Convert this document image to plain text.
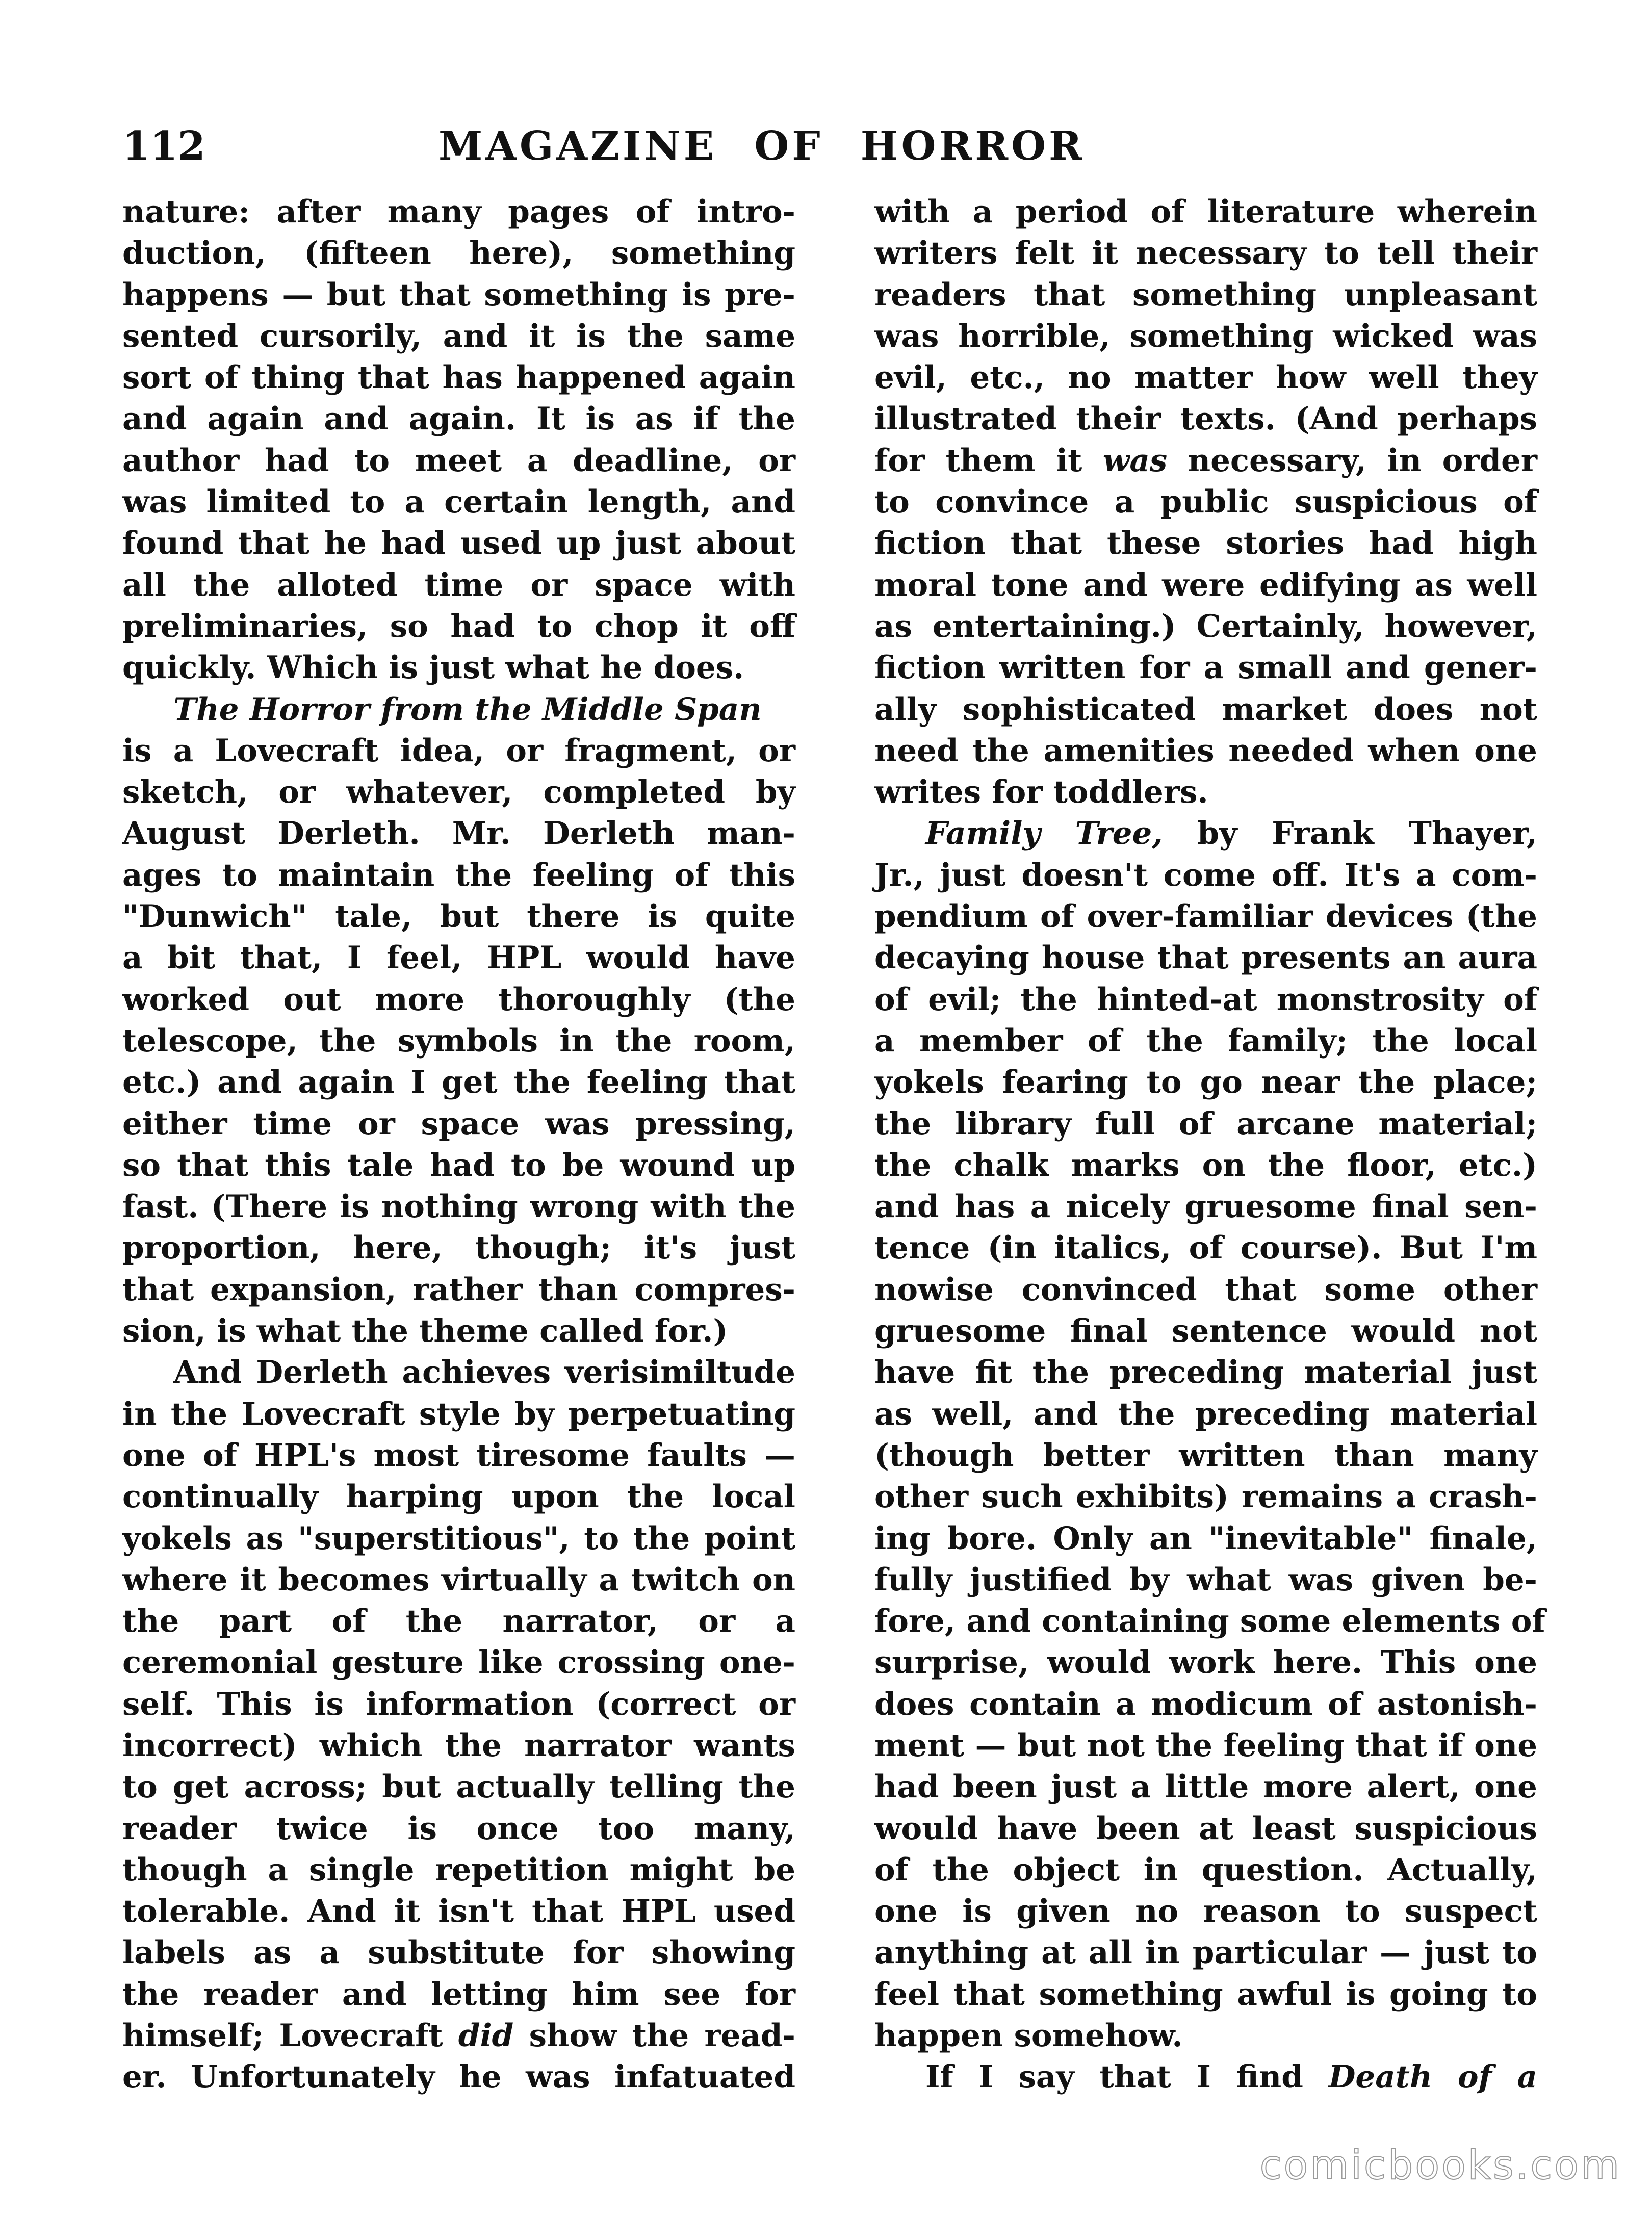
112	MAGAZINE OF HORROR
nature: after many pages of intro-
duction, (fifteen here), something
happens — but that something is pre-
sented cursorily, and it is the same
sort of thing that has happened again
and again and again. It is as if the
author had to meet a deadline, or
was limited to a certain length, and
found that he had used up just about
all the alloted time or space with
preliminaries, so had to chop it off
quickly. Which is just what he does.
The Horror from the Middle Span
is a Lovecraft idea, or fragment, or
sketch, or whatever, completed by
August Derleth. Mr. Derleth man-
ages to maintain the feeling of this
"Dunwich" tale, but there is quite
a bit that, I feel, HPL would have
worked out more thoroughly (the
telescope, the symbols in the room,
etc.) and again I get the feeling that
either time or space was pressing,
so that this tale had to be wound up
fast. (There is nothing wrong with the
proportion, here, though; it's just
that expansion, rather than compres-
sion, is what the theme called for.)
And Derleth achieves verisimiltude
in the Lovecraft style by perpetuating
one of HPL's most tiresome faults —
continually harping upon the local
yokels as "superstitious", to the point
where it becomes virtually a twitch on
the part of the narrator, or a
ceremonial gesture like crossing one-
self. This is information (correct or
incorrect) which the narrator wants
to get across; but actually telling the
reader twice is once too many,
though a single repetition might be
tolerable. And it isn't that HPL used
labels as a substitute for showing
the reader and letting him see for
himself; Lovecraft did show the read-
er. Unfortunately he was infatuated
with a period of literature wherein
writers felt it necessary to tell their
readers that something unpleasant
was horrible, something wicked was
evil, etc., no matter how well they
illustrated their texts. (And perhaps
for them it was necessary, in order
to convince a public suspicious of
fiction that these stories had high
moral tone and were edifying as well
as entertaining.) Certainly, however,
fiction written for a small and gener-
ally sophisticated market does not
need the amenities needed when one
writes for toddlers.
Family Tree, by Frank Thayer,
Jr., just doesn't come off. It's a com-
pendium of over-familiar devices (the
decaying house that presents an aura
of evil; the hinted-at monstrosity of
a member of the family; the local
yokels fearing to go near the place;
the library full of arcane material;
the chalk marks on the floor, etc.)
and has a nicely gruesome final sen-
tence (in italics, of course). But I'm
nowise convinced that some other
gruesome final sentence would not
have fit the preceding material just
as well, and the preceding material
(though better written than many
other such exhibits) remains a crash-
ing bore. Only an "inevitable" finale,
fully justified by what was given be-
fore, and containing some elements of
surprise, would work here. This one
does contain a modicum of astonish-
ment — but not the feeling that if one
had been just a little more alert, one
would have been at least suspicious
of the object in question. Actually,
one is given no reason to suspect
anything at all in particular — just to
feel that something awful is going to
happen somehow.
If I say that I find Death of a
comicbooks.com
